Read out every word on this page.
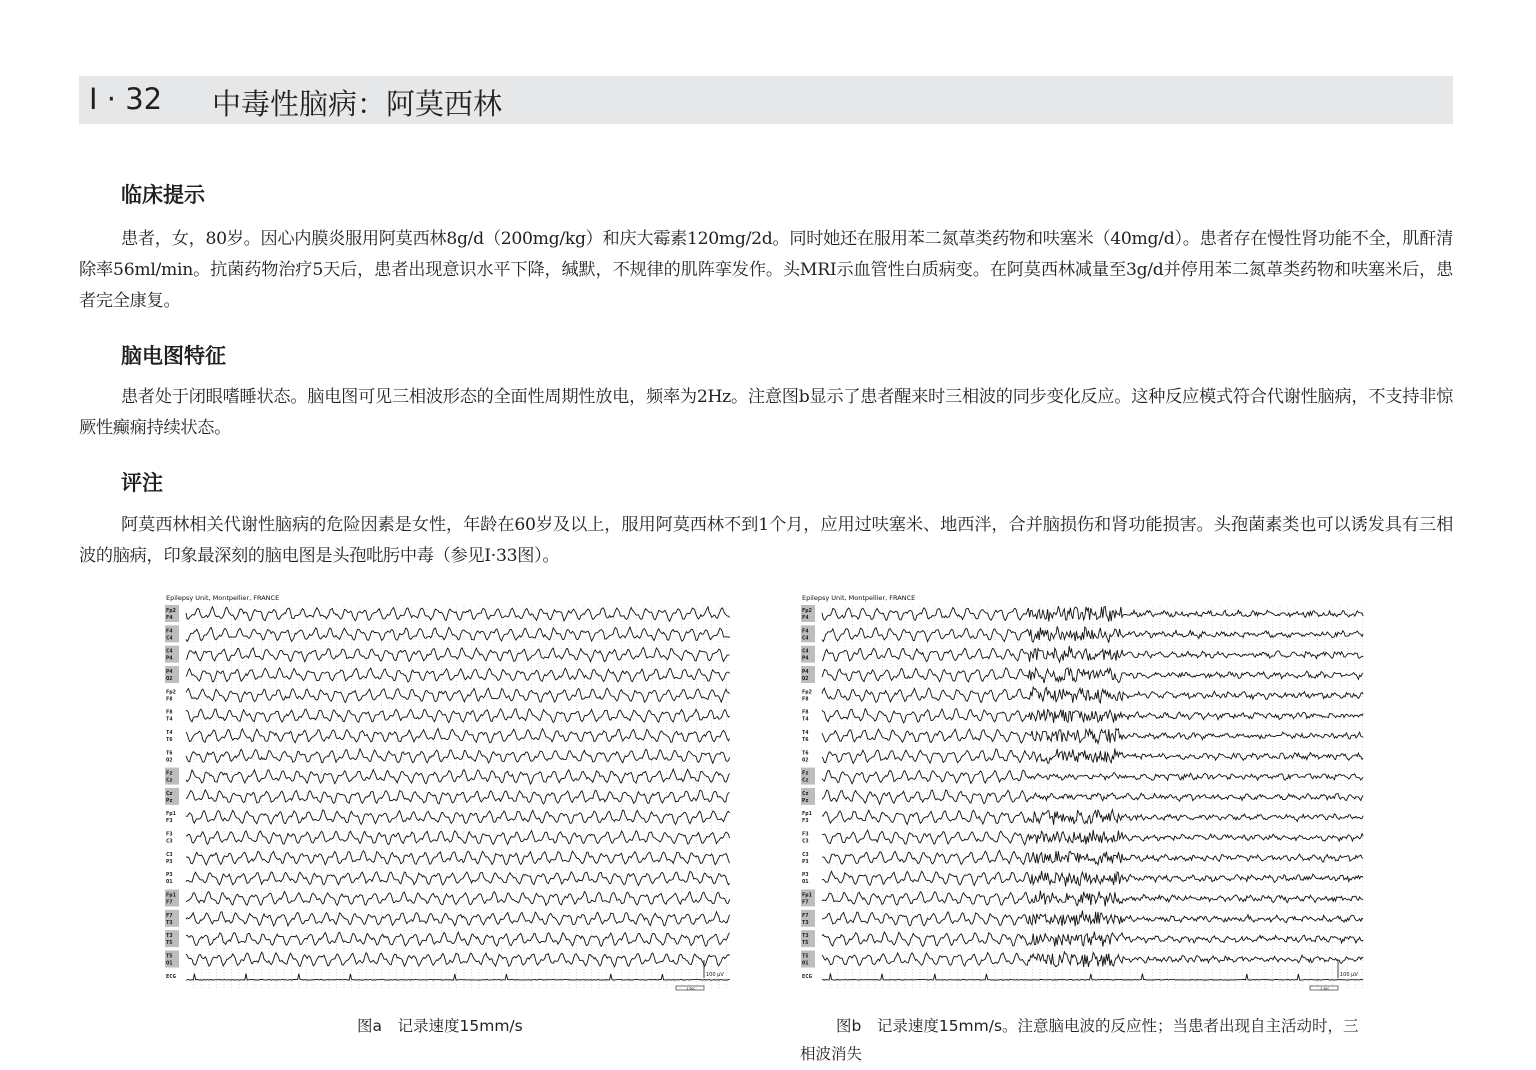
Ⅰ · 32 中毒性脑病：阿莫西林
临床提示

患者，女，80岁。因心内膜炎服用阿莫西林8g/d（200mg/kg）和庆大霉素120mg/2d。同时她还在服用苯二氮䓬类药物和呋塞米（40mg/d）。患者存在慢性肾功能不全，肌酐清除率56ml/min。抗菌药物治疗5天后，患者出现意识水平下降，缄默，不规律的肌阵挛发作。头MRI示血管性白质病变。在阿莫西林减量至3g/d并停用苯二氮䓬类药物和呋塞米后，患者完全康复。

脑电图特征

患者处于闭眼嗜睡状态。脑电图可见三相波形态的全面性周期性放电，频率为2Hz。注意图b显示了患者醒来时三相波的同步变化反应。这种反应模式符合代谢性脑病，不支持非惊厥性癫痫持续状态。

评注

阿莫西林相关代谢性脑病的危险因素是女性，年龄在60岁及以上，服用阿莫西林不到1个月，应用过呋塞米、地西泮，合并脑损伤和肾功能损害。头孢菌素类也可以诱发具有三相波的脑病，印象最深刻的脑电图是头孢吡肟中毒（参见Ⅰ·33图）。

Epilepsy Unit, Montpellier, FRANCE
Fp2
F4
F4
C4
C4
P4
P4
O2
Fp2
F8
F8
T4
T4
T6
T6
O2
Fz
Cz
Cz
Pz
Fp1
F3
F3
C3
C3
P3
P3
O1
Fp1
F7
F7
T3
T3
T5
T5
O1
ECG	100 µV
1 sec
Epilepsy Unit, Montpellier, FRANCE
Fp2
F4
F4
C4
C4
P4
P4
O2
Fp2
F8
F8
T4
T4
T6
T6
O2
Fz
Cz
Cz
Pz
Fp1
F3
F3
C3
C3
P3
P3
O1
Fp1
F7
F7
T3
T3
T5
T5
O1
ECG	100 µV
1 sec
图a　记录速度15mm/s	图b　记录速度15mm/s。注意脑电波的反应性；当患者出现自主活动时，三相波消失
